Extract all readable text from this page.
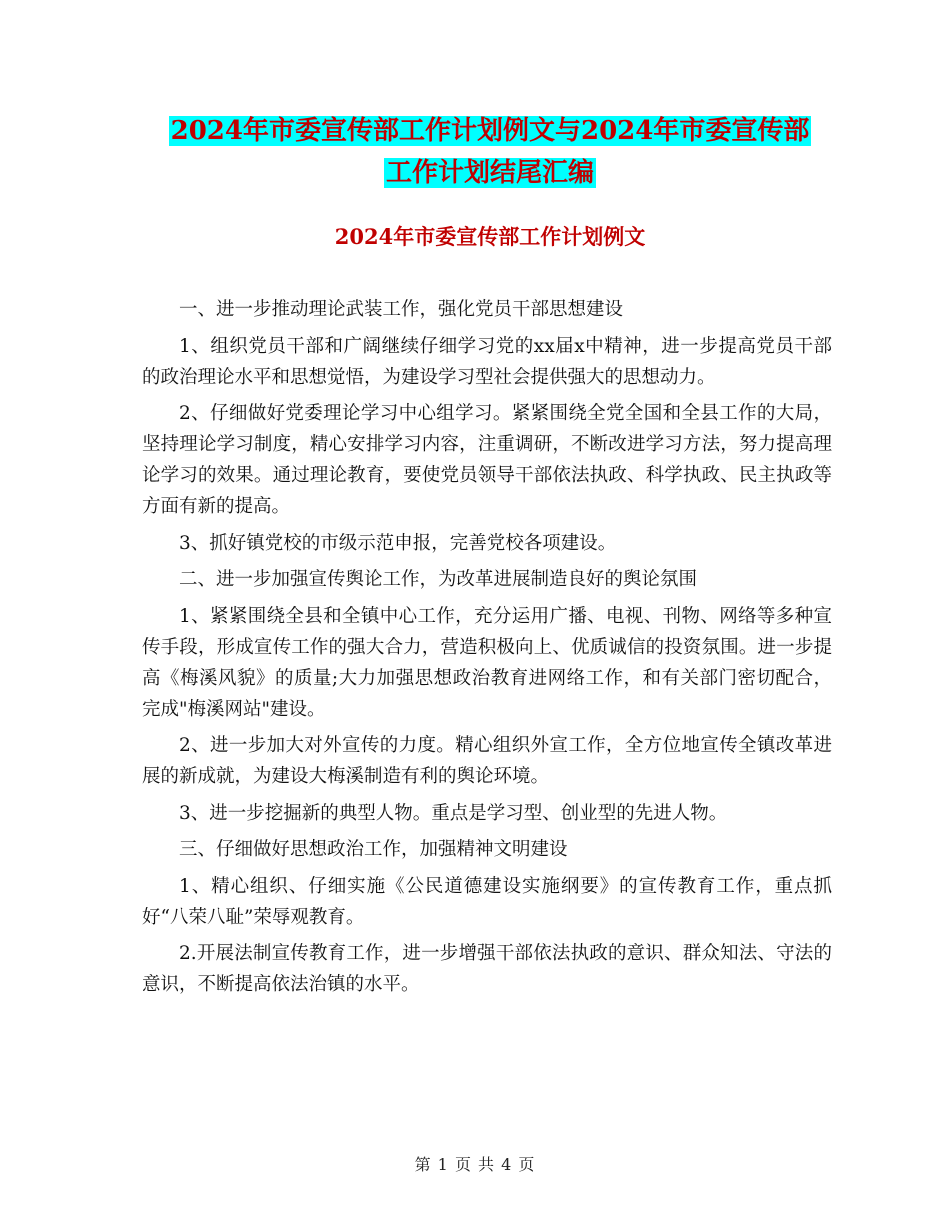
2024年市委宣传部工作计划例文与2024年市委宣传部
工作计划结尾汇编
2024年市委宣传部工作计划例文

一、进一步推动理论武装工作，强化党员干部思想建设

1、组织党员干部和广阔继续仔细学习党的xx届x中精神，进一步提高党员干部的政治理论水平和思想觉悟，为建设学习型社会提供强大的思想动力。

2、仔细做好党委理论学习中心组学习。紧紧围绕全党全国和全县工作的大局，坚持理论学习制度，精心安排学习内容，注重调研，不断改进学习方法，努力提高理论学习的效果。通过理论教育，要使党员领导干部依法执政、科学执政、民主执政等方面有新的提高。

3、抓好镇党校的市级示范申报，完善党校各项建设。

二、进一步加强宣传舆论工作，为改革进展制造良好的舆论氛围

1、紧紧围绕全县和全镇中心工作，充分运用广播、电视、刊物、网络等多种宣传手段，形成宣传工作的强大合力，营造积极向上、优质诚信的投资氛围。进一步提高《梅溪风貌》的质量;大力加强思想政治教育进网络工作，和有关部门密切配合，完成"梅溪网站"建设。

2、进一步加大对外宣传的力度。精心组织外宣工作，全方位地宣传全镇改革进展的新成就，为建设大梅溪制造有利的舆论环境。

3、进一步挖掘新的典型人物。重点是学习型、创业型的先进人物。

三、仔细做好思想政治工作，加强精神文明建设

1、精心组织、仔细实施《公民道德建设实施纲要》的宣传教育工作，重点抓好“八荣八耻”荣辱观教育。

2.开展法制宣传教育工作，进一步增强干部依法执政的意识、群众知法、守法的意识，不断提高依法治镇的水平。

第 1 页 共 4 页
